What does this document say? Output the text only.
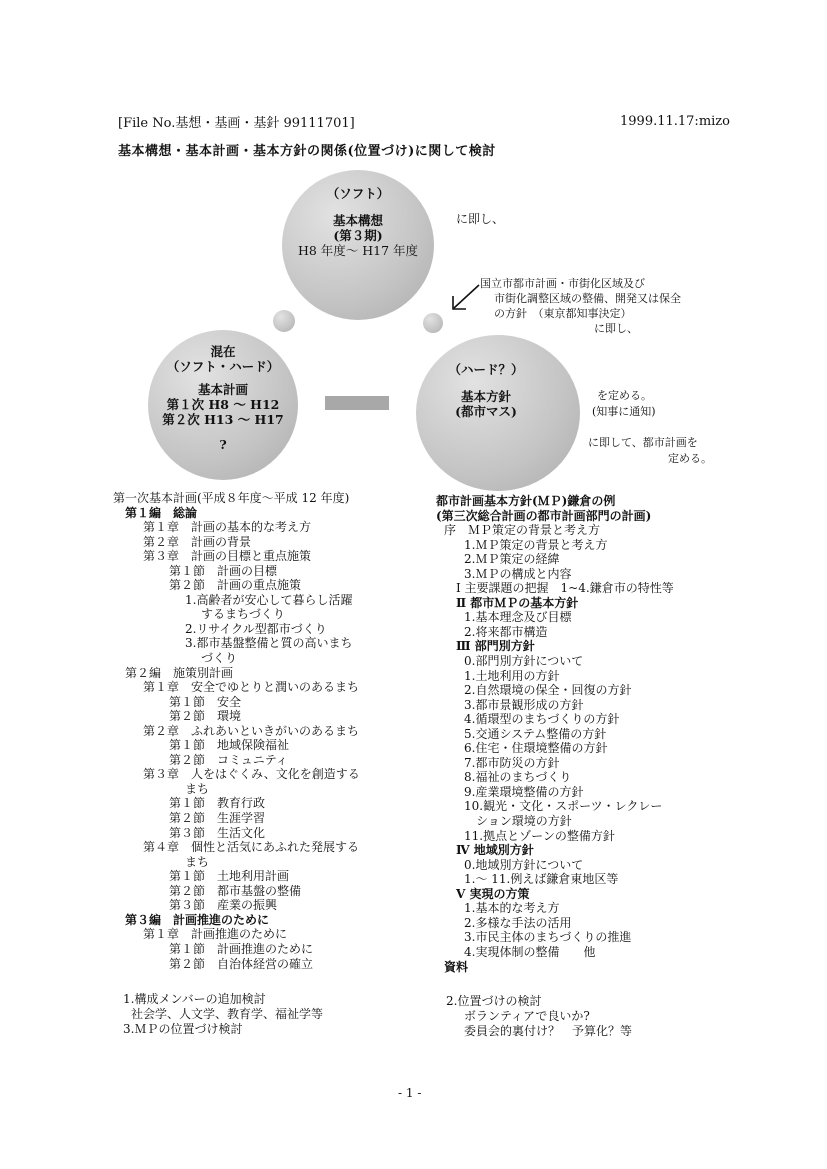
[File No.基想・基画・基針 99111701]	1999.11.17:mizo
基本構想・基本計画・基本方針の関係(位置づけ)に関して検討
（ソフト）
基本構想
(第３期)
H8 年度～ H17 年度
に即し、
国立市都市計画・市街化区域及び
市街化調整区域の整備、開発又は保全
の方針　（東京都知事決定）
に即し、
混在
（ソフト・ハード）
基本計画
第１次 H8 ～ H12
第２次 H13 ～ H17
?
（ハード？）
基本方針
(都市マス)
を定める。
(知事に通知)
に即して、都市計画を
定める。
第一次基本計画(平成８年度～平成 12 年度)
第１編　総論
第１章　計画の基本的な考え方
第２章　計画の背景
第３章　計画の目標と重点施策
第１節　計画の目標
第２節　計画の重点施策
1.高齢者が安心して暮らし活躍
するまちづくり
2.リサイクル型都市づくり
3.都市基盤整備と質の高いまち
づくり
第２編　施策別計画
第１章　安全でゆとりと潤いのあるまち
第１節　安全
第２節　環境
第２章　ふれあいといきがいのあるまち
第１節　地域保険福祉
第２節　コミュニティ
第３章　人をはぐくみ、文化を創造する
まち
第１節　教育行政
第２節　生涯学習
第３節　生活文化
第４章　個性と活気にあふれた発展する
まち
第１節　土地利用計画
第２節　都市基盤の整備
第３節　産業の振興
第３編　計画推進のために
第１章　計画推進のために
第１節　計画推進のために
第２節　自治体経営の確立
都市計画基本方針(ＭＰ)鎌倉の例
(第三次総合計画の都市計画部門の計画)
序　ＭＰ策定の背景と考え方
1.ＭＰ策定の背景と考え方
2.ＭＰ策定の経緯
3.ＭＰの構成と内容
Ⅰ 主要課題の把握　1~4.鎌倉市の特性等
Ⅱ 都市ＭＰの基本方針
1.基本理念及び目標
2.将来都市構造
Ⅲ 部門別方針
0.部門別方針について
1.土地利用の方針
2.自然環境の保全・回復の方針
3.都市景観形成の方針
4.循環型のまちづくりの方針
5.交通システム整備の方針
6.住宅・住環境整備の方針
7.都市防災の方針
8.福祉のまちづくり
9.産業環境整備の方針
10.観光・文化・スポーツ・レクレー
ション環境の方針
11.拠点とゾーンの整備方針
Ⅳ 地域別方針
0.地域別方針について
1.～ 11.例えば鎌倉東地区等
Ⅴ 実現の方策
1.基本的な考え方
2.多様な手法の活用
3.市民主体のまちづくりの推進
4.実現体制の整備　　他
資料
1.構成メンバーの追加検討
社会学、人文学、教育学、福祉学等
3.ＭＰの位置づけ検討
2.位置づけの検討
ボランティアで良いか?
委員会的裏付け？　予算化？等
- 1 -
